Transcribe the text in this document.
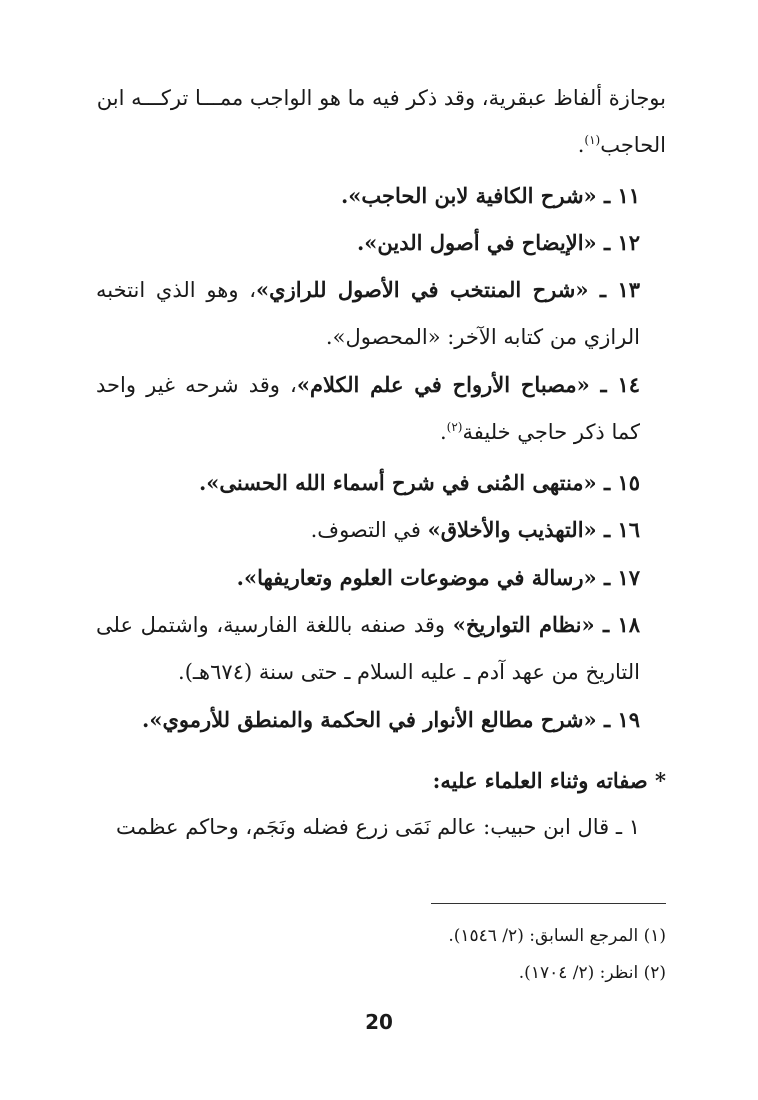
بوجازة ألفاظ عبقرية، وقد ذكر فيه ما هو الواجب ممـــا تركـــه ابن
الحاجب$^{(١)}$.

١١ ـ «شرح الكافية لابن الحاجب».
١٢ ـ «الإيضاح في أصول الدين».

١٣ ـ «شرح المنتخب في الأصول للرازي»، وهو الذي انتخبه الرازي من كتابه الآخر: «المحصول».

١٤ ـ «مصباح الأرواح في علم الكلام»، وقد شرحه غير واحد كما ذكر حاجي خليفة$^{(٢)}$.

١٥ ـ «منتهى المُنى في شرح أسماء الله الحسنى».
١٦ ـ «التهذيب والأخلاق» في التصوف.
١٧ ـ «رسالة في موضوعات العلوم وتعاريفها».

١٨ ـ «نظام التواريخ» وقد صنفه باللغة الفارسية، واشتمل على التاريخ من عهد آدم ـ عليه السلام ـ حتى سنة (٦٧٤هـ).

١٩ ـ «شرح مطالع الأنوار في الحكمة والمنطق للأرموي».
* صفاته وثناء العلماء عليه:

١ ـ قال ابن حبيب: عالم نَمَى زرع فضله ونَجَم، وحاكم عظمت

(١) المرجع السابق: (٢/ ١٥٤٦).
(٢) انظر: (٢/ ١٧٠٤).
20
